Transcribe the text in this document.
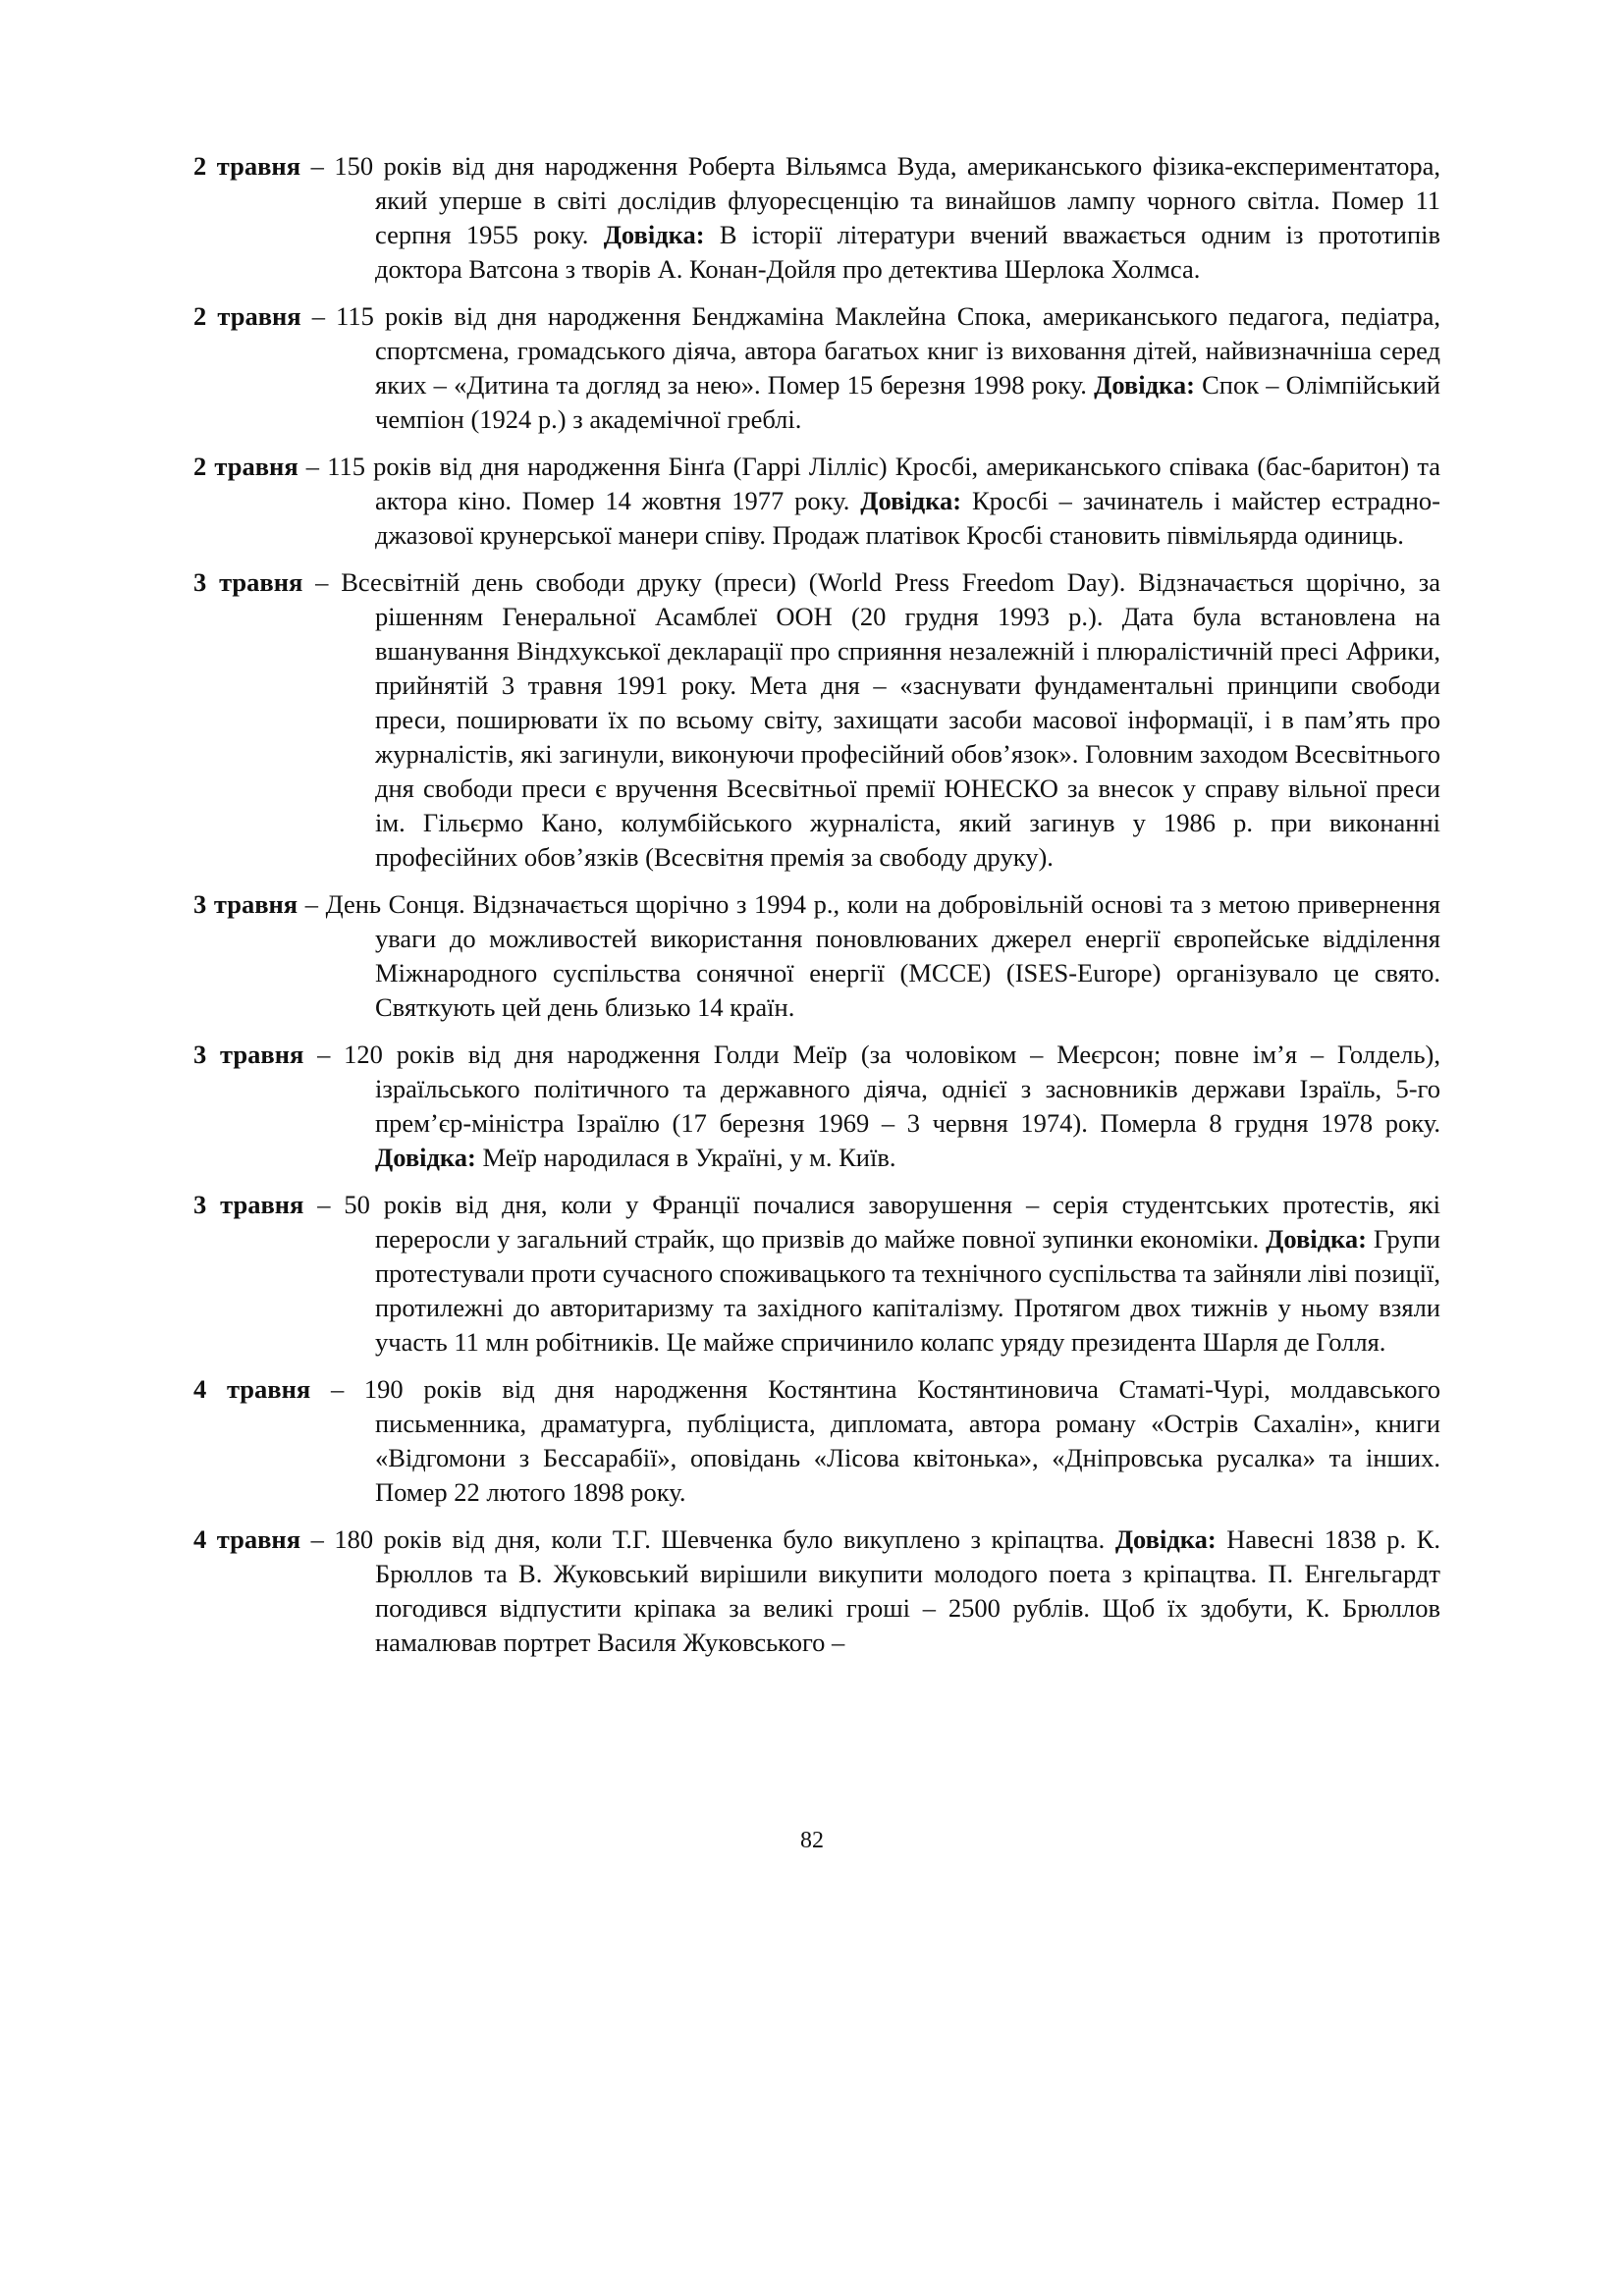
2 травня – 150 років від дня народження Роберта Вільямса Вуда, американського фізика-експериментатора, який уперше в світі дослідив флуоресценцію та винайшов лампу чорного світла. Помер 11 серпня 1955 року. Довідка: В історії літератури вчений вважається одним із прототипів доктора Ватсона з творів А. Конан-Дойля про детектива Шерлока Холмса.

2 травня – 115 років від дня народження Бенджаміна Маклейна Спока, американського педагога, педіатра, спортсмена, громадського діяча, автора багатьох книг із виховання дітей, найвизначніша серед яких – «Дитина та догляд за нею». Помер 15 березня 1998 року. Довідка: Спок – Олімпійський чемпіон (1924 р.) з академічної греблі.

2 травня – 115 років від дня народження Бінґа (Гаррі Лілліс) Кросбі, американського співака (бас-баритон) та актора кіно. Помер 14 жовтня 1977 року. Довідка: Кросбі – зачинатель і майстер естрадно-джазової крунерської манери співу. Продаж платівок Кросбі становить півмільярда одиниць.

3 травня – Всесвітній день свободи друку (преси) (World Press Freedom Day). Відзначається щорічно, за рішенням Генеральної Асамблеї ООН (20 грудня 1993 р.). Дата була встановлена на вшанування Віндхукської декларації про сприяння незалежній і плюралістичній пресі Африки, прийнятій 3 травня 1991 року. Мета дня – «заснувати фундаментальні принципи свободи преси, поширювати їх по всьому світу, захищати засоби масової інформації, і в пам’ять про журналістів, які загинули, виконуючи професійний обов’язок». Головним заходом Всесвітнього дня свободи преси є вручення Всесвітньої премії ЮНЕСКО за внесок у справу вільної преси ім. Гільєрмо Кано, колумбійського журналіста, який загинув у 1986 р. при виконанні професійних обов’язків (Всесвітня премія за свободу друку).

3 травня – День Сонця. Відзначається щорічно з 1994 р., коли на добровільній основі та з метою привернення уваги до можливостей використання поновлюваних джерел енергії європейське відділення Міжнародного суспільства сонячної енергії (МССЕ) (ISES-Europe) організувало це свято. Святкують цей день близько 14 країн.

3 травня – 120 років від дня народження Голди Меїр (за чоловіком – Меєрсон; повне ім’я – Голдель), ізраїльського політичного та державного діяча, однієї з засновників держави Ізраїль, 5-го прем’єр-міністра Ізраїлю (17 березня 1969 – 3 червня 1974). Померла 8 грудня 1978 року. Довідка: Меїр народилася в Україні, у м. Київ.

3 травня – 50 років від дня, коли у Франції почалися заворушення – серія студентських протестів, які переросли у загальний страйк, що призвів до майже повної зупинки економіки. Довідка: Групи протестували проти сучасного споживацького та технічного суспільства та зайняли ліві позиції, протилежні до авторитаризму та західного капіталізму. Протягом двох тижнів у ньому взяли участь 11 млн робітників. Це майже спричинило колапс уряду президента Шарля де Голля.

4 травня – 190 років від дня народження Костянтина Костянтиновича Стаматі-Чурі, молдавського письменника, драматурга, публіциста, дипломата, автора роману «Острів Сахалін», книги «Відгомони з Бессарабії», оповідань «Лісова квітонька», «Дніпровська русалка» та інших. Помер 22 лютого 1898 року.

4 травня – 180 років від дня, коли Т.Г. Шевченка було викуплено з кріпацтва. Довідка: Навесні 1838 р. К. Брюллов та В. Жуковський вирішили викупити молодого поета з кріпацтва. П. Енгельгардт погодився відпустити кріпака за великі гроші – 2500 рублів. Щоб їх здобути, К. Брюллов намалював портрет Василя Жуковського –

82
